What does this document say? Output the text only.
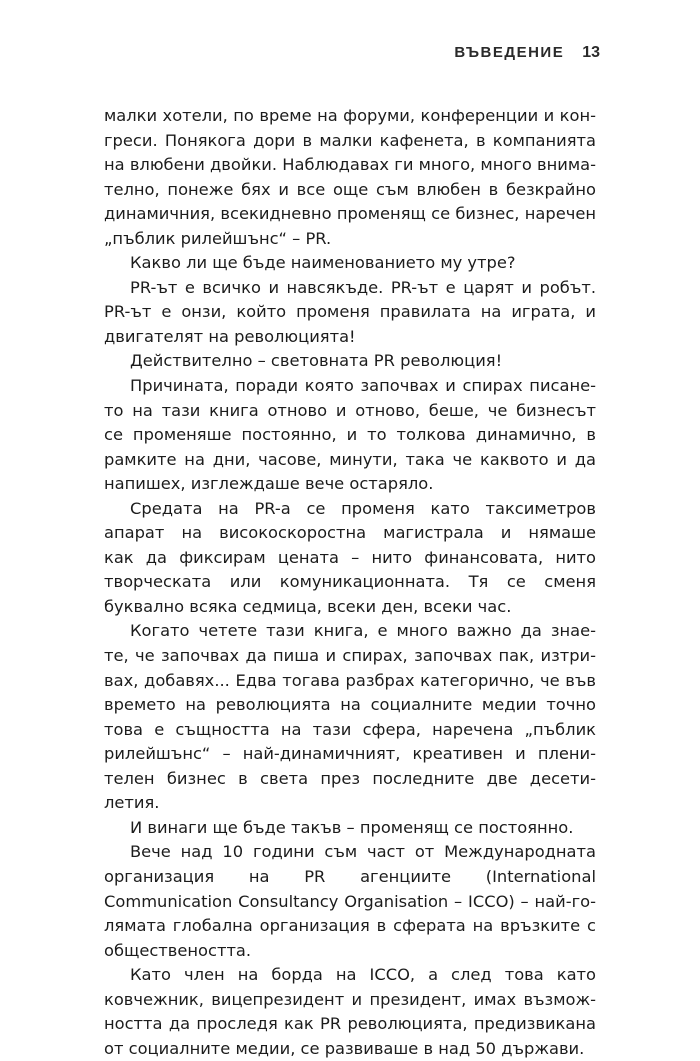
ВЪВЕДЕНИЕ 13
малки хотели, по време на форуми, конференции и кон-
греси. Понякога дори в малки кафенета, в компанията
на влюбени двойки. Наблюдавах ги много, много внима-
телно, понеже бях и все още съм влюбен в безкрайно
динамичния, всекидневно променящ се бизнес, наречен
„пъблик рилейшънс“ – PR.
Какво ли ще бъде наименованието му утре?
PR-ът е всичко и навсякъде. PR-ът е царят и робът.
PR-ът е онзи, който променя правилата на играта, и
двигателят на революцията!
Действително – световната PR революция!
Причината, поради която започвах и спирах писане-
то на тази книга отново и отново, беше, че бизнесът
се променяше постоянно, и то толкова динамично, в
рамките на дни, часове, минути, така че каквото и да
напишех, изглеждаше вече остаряло.
Средата на PR-а се променя като таксиметров
апарат на високоскоростна магистрала и нямаше
как да фиксирам цената – нито финансовата, нито
творческата или комуникационната. Тя се сменя
буквално всяка седмица, всеки ден, всеки час.
Когато четете тази книга, е много важно да знае-
те, че започвах да пиша и спирах, започвах пак, изтри-
вах, добавях... Едва тогава разбрах категорично, че във
времето на революцията на социалните медии точно
това е същността на тази сфера, наречена „пъблик
рилейшънс“ – най-динамичният, креативен и плени-
телен бизнес в света през последните две десети-
летия.
И винаги ще бъде такъв – променящ се постоянно.
Вече над 10 години съм част от Международната
организация на PR агенциите (International
Communication Consultancy Organisation – ICCO) – най-го-
лямата глобална организация в сферата на връзките с
обществеността.
Като член на борда на ICCO, а след това като
ковчежник, вицепрезидент и президент, имах възмож-
ността да проследя как PR революцията, предизвикана
от социалните медии, се развиваше в над 50 държави.
